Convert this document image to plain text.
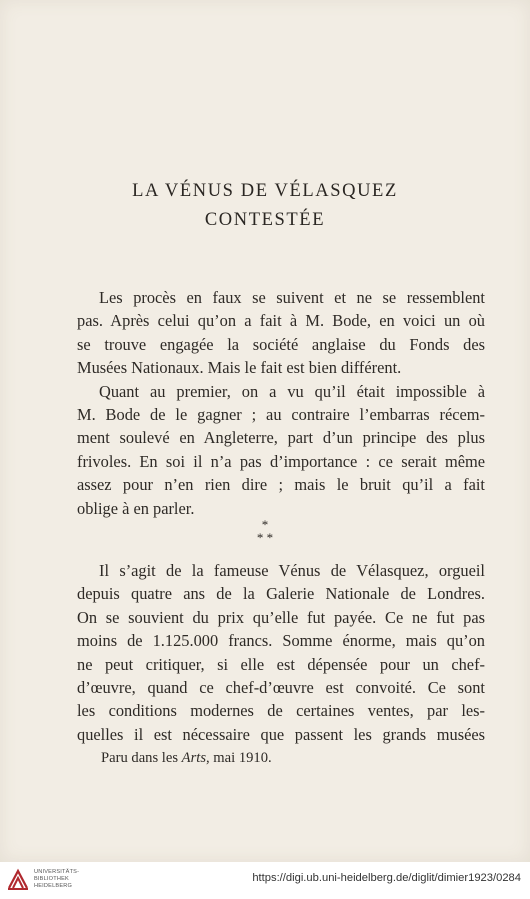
LA VÉNUS DE VÉLASQUEZ
CONTESTÉE
Les procès en faux se suivent et ne se ressemblent
pas. Après celui qu’on a fait à M. Bode, en voici un où
se trouve engagée la société anglaise du Fonds des
Musées Nationaux. Mais le fait est bien différent.
Quant au premier, on a vu qu’il était impossible à
M. Bode de le gagner ; au contraire l’embarras récem-
ment soulevé en Angleterre, part d’un principe des plus
frivoles. En soi il n’a pas d’importance : ce serait même
assez pour n’en rien dire ; mais le bruit qu’il a fait
oblige à en parler.
*
* *
Il s’agit de la fameuse Vénus de Vélasquez, orgueil
depuis quatre ans de la Galerie Nationale de Londres.
On se souvient du prix qu’elle fut payée. Ce ne fut pas
moins de 1.125.000 francs. Somme énorme, mais qu’on
ne peut critiquer, si elle est dépensée pour un chef-
d’œuvre, quand ce chef-d’œuvre est convoité. Ce sont
les conditions modernes de certaines ventes, par les-
quelles il est nécessaire que passent les grands musées
Paru dans les Arts, mai 1910.
UNIVERSITÄTS-
BIBLIOTHEK
HEIDELBERG
https://digi.ub.uni-heidelberg.de/diglit/dimier1923/0284
